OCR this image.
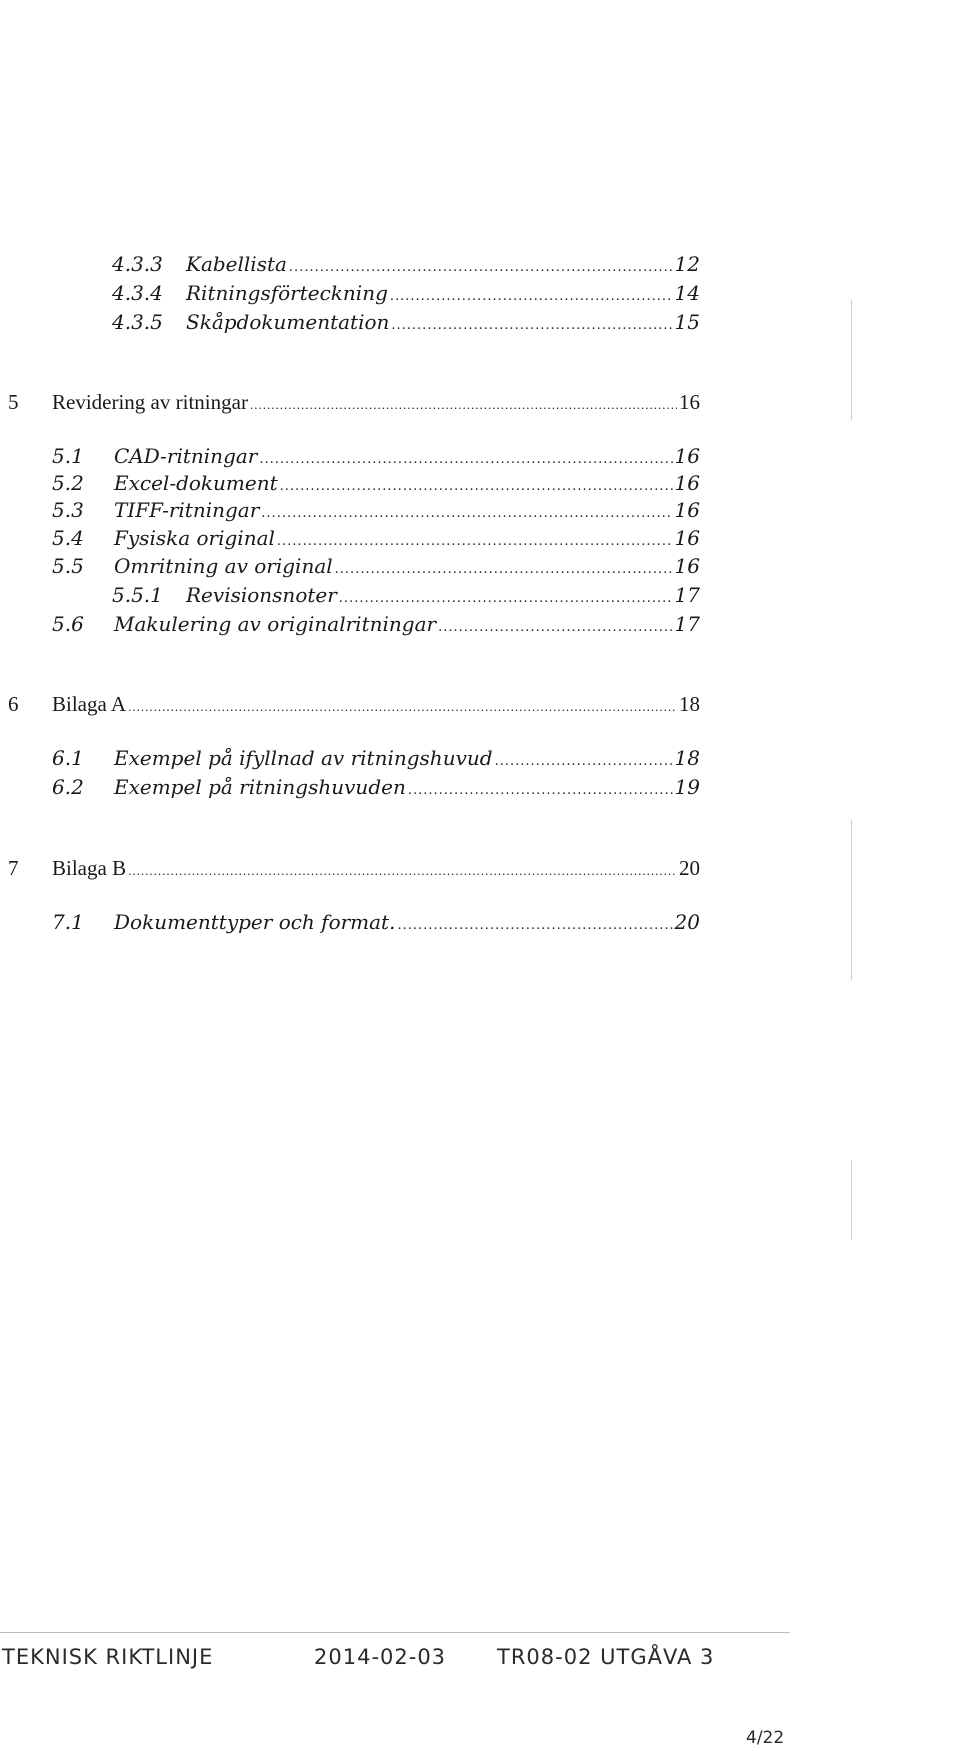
4.3.3	Kabellista .....	12
4.3.4	Ritningsförteckning .....	14
4.3.5	Skåpdokumentation .....	15
5	Revidering av ritningar .....	16
5.1	CAD-ritningar .....	16
5.2	Excel-dokument .....	16
5.3	TIFF-ritningar .....	16
5.4	Fysiska original .....	16
5.5	Omritning av original .....	16
5.5.1	Revisionsnoter .....	17
5.6	Makulering av originalritningar .....	17
6	Bilaga A .....	18
6.1	Exempel på ifyllnad av ritningshuvud .....	18
6.2	Exempel på ritningshuvuden .....	19
7	Bilaga B .....	20
7.1	Dokumenttyper och format. .....	20
TEKNISK RIKTLINJE	2014-02-03 TR08-02 UTGÅVA 3
4/22
